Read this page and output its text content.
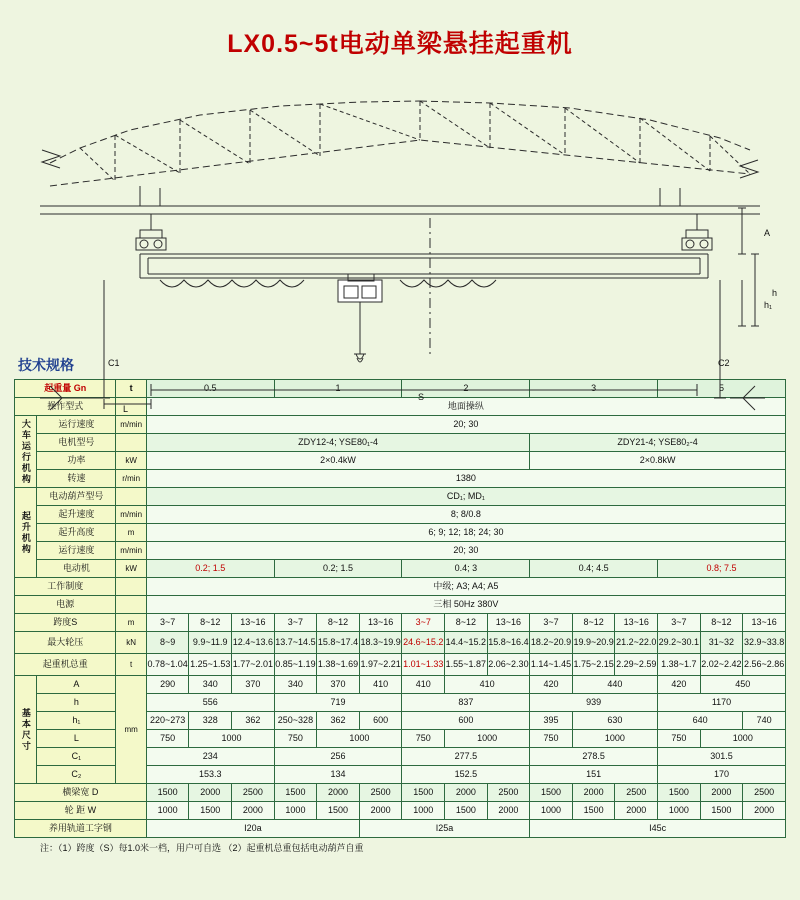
LX0.5~5t电动单梁悬挂起重机
C1	C2
S
L
A
h₁
h
技术规格
起重量 Gn		t	0.5			1			2			3			5		
操作型式			地面操纵														
大车运行机构	运行速度	m/min	20; 30														
	电机型号		ZDY12-4; YSE80₁-4									ZDY21-4; YSE80₂-4					
	功率	kW	2×0.4kW									2×0.8kW					
	转速	r/min	1380														
起升机构	电动葫芦型号		CD₁; MD₁														
	起升速度	m/min	8; 8/0.8														
	起升高度	m	6; 9; 12; 18; 24; 30														
	运行速度	m/min	20; 30														
	电动机	kW	0.2; 1.5			0.2; 1.5			0.4; 3			0.4; 4.5			0.8; 7.5		
工作制度			中级; A3; A4; A5														
电源			三相 50Hz 380V														
跨度S		m	3~7	8~12	13~16	3~7	8~12	13~16	3~7	8~12	13~16	3~7	8~12	13~16	3~7	8~12	13~16
最大轮压		kN	8~9	9.9~11.9	12.4~13.6	13.7~14.5	15.8~17.4	18.3~19.9	24.6~15.2	14.4~15.2	15.8~16.4	18.2~20.9	19.9~20.9	21.2~22.0	29.2~30.1	31~32	32.9~33.8
起重机总重		t	0.78~1.04	1.25~1.53	1.77~2.01	0.85~1.19	1.38~1.69	1.97~2.21	1.01~1.33	1.55~1.87	2.06~2.30	1.14~1.45	1.75~2.15	2.29~2.59	1.38~1.7	2.02~2.42	2.56~2.86
基本尺寸	A	mm	290	340	370	340	370	410	410	410		420	440		420	450	
	h		556			719			837			939			1170		
	h₁		220~273	328	362	250~328	362	600	600			395	630		640		740
	L		750	1000		750	1000		750	1000		750	1000		750	1000	
	C₁		234			256			277.5			278.5			301.5		
	C₂		153.3			134			152.5			151			170		
横梁宽 D			1500	2000	2500	1500	2000	2500	1500	2000	2500	1500	2000	2500	1500	2000	2500
轮 距 W			1000	1500	2000	1000	1500	2000	1000	1500	2000	1000	1500	2000	1000	1500	2000
养用轨道工字钢			I20a					I25a				I45c					
注：（1）跨度（S）每1.0米一档，用户可自选 （2）起重机总重包括电动葫芦自重
